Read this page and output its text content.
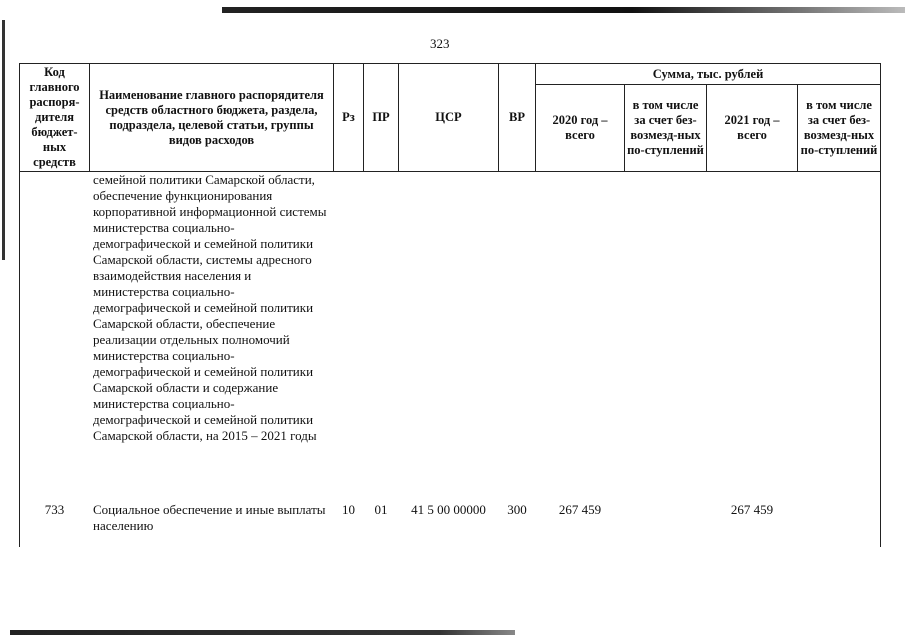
323
Код главного распоря-дителя бюджет-ных средств	Наименование главного распорядителя средств областного бюджета, раздела, подраздела, целевой статьи, группы видов расходов	Рз	ПР	ЦСР	ВР	Сумма, тыс. рублей			
						2020 год – всего	в том числе за счет без-возмезд-ных по-ступлений	2021 год – всего	в том числе за счет без-возмезд-ных по-ступлений
	семейной политики Самарской области, обеспечение функционирования корпоративной информационной системы министерства социально-демографической и семейной политики Самарской области, системы адресного взаимодействия населения и министерства социально-демографической и семейной политики Самарской области, обеспечение реализации отдельных полномочий министерства социально-демографической и семейной политики Самарской области и содержание министерства социально-демографической и семейной политики Самарской области, на 2015 – 2021 годы								
733	Социальное обеспечение и иные выплаты населению	10	01	41 5 00 00000	300	267 459		267 459	
